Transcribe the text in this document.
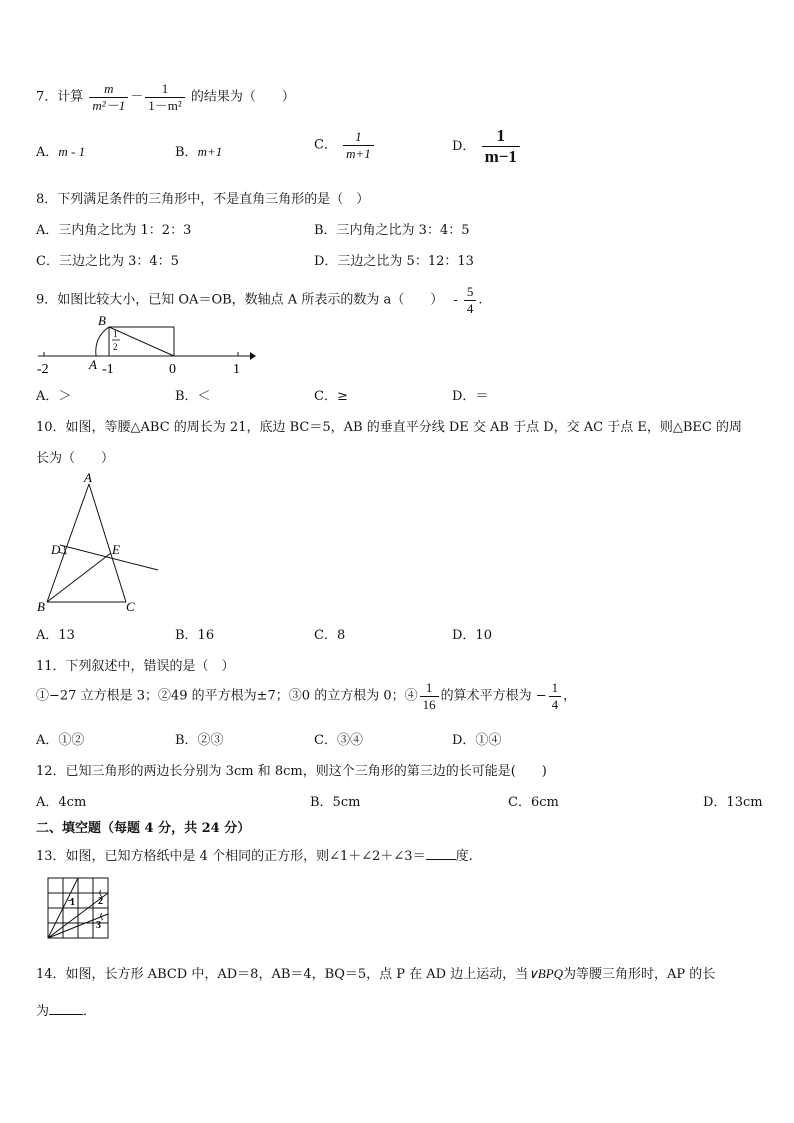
7．计算 $\frac{m}{\text{m²－1}} - \frac{1}{\text{1－m²}}$ 的结果为（　　）
A．m - 1	B．m+1	C． $\frac{1}{m+1}$	D． $\frac{1}{m-1}$
8．下列满足条件的三角形中，不是直角三角形的是（　）
A．三内角之比为 1：2：3	B．三内角之比为 3：4：5
C．三边之比为 3：4：5	D．三边之比为 5：12：13
9．如图比较大小，已知 OA＝OB，数轴点 A 所表示的数为 a（　　） - $\frac{5}{4}$ .
B
A
1
2
-2	-1	0	1
A．＞	B．＜	C．≥	D．＝
10．如图，等腰△ABC 的周长为 21，底边 BC＝5，AB 的垂直平分线 DE 交 AB 于点 D，交 AC 于点 E，则△BEC 的周
长为（　　）
A
B	C
D	E
A．13	B．16	C．8	D．10
11．下列叙述中，错误的是（　）
①−27 立方根是 3；②49 的平方根为±7；③0 的立方根为 0；④ $\frac{1}{16}$ 的算术平方根为 − $\frac{1}{4}$ ，
A．①②	B．②③	C．③④	D．①④
12．已知三角形的两边长分别为 3cm 和 8cm，则这个三角形的第三边的长可能是(　　)
A．4cm	B．5cm	C．6cm	D．13cm
二、填空题（每题 4 分，共 24 分）
13．如图，已知方格纸中是 4 个相同的正方形，则∠1＋∠2＋∠3＝ 度.
1 2
3
14．如图，长方形 ABCD 中，AD＝8，AB＝4，BQ＝5，点 P 在 AD 边上运动，当∨BPQ为等腰三角形时，AP 的长
为	．
